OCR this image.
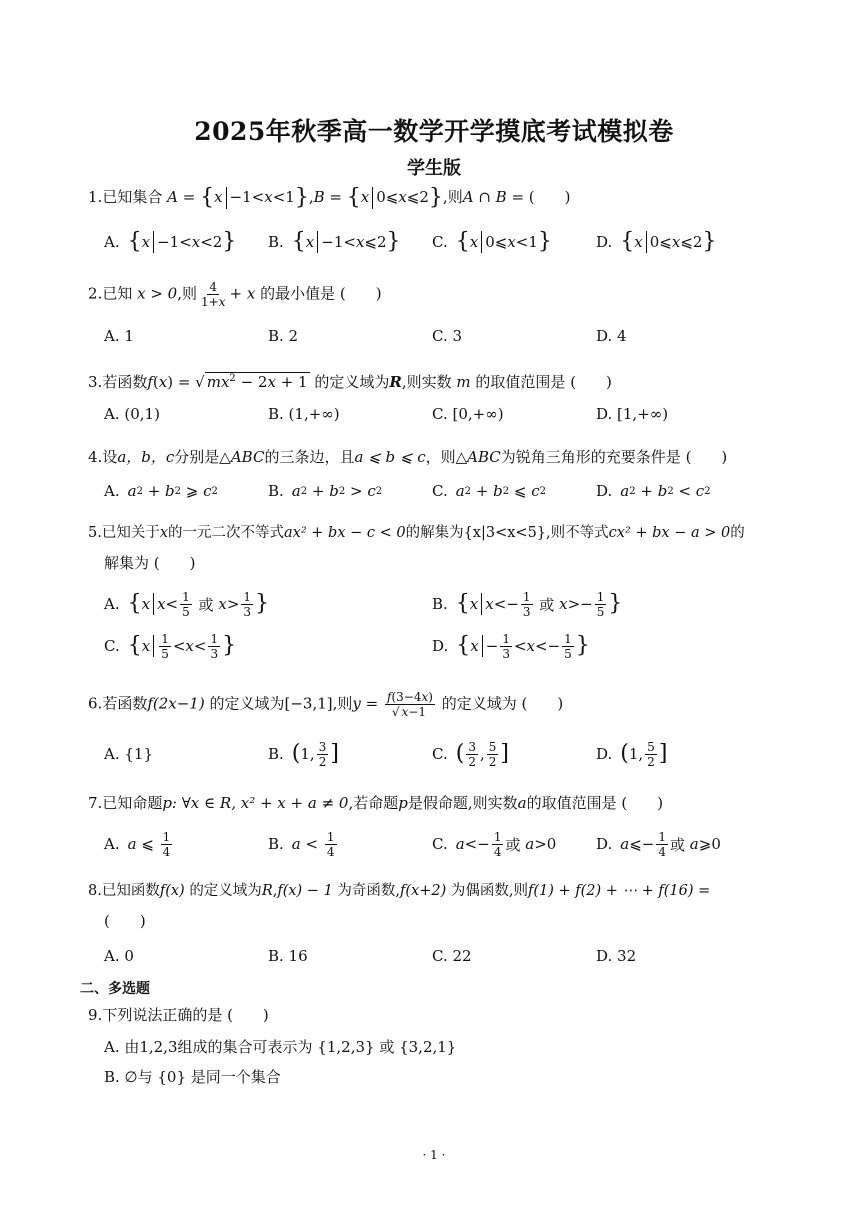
2025年秋季高一数学开学摸底考试模拟卷
学生版
1.已知集合 A = {x −1<x<1},B = {x 0⩽x⩽2},则A ∩ B = (　　)
A. { x −1< x <2 } B. { x −1< x ⩽2 } C. { x 0⩽ x <1 }	D. { x 0⩽ x ⩽2 }
2.已知 x > 0,则 $\frac{4}{1+x} + x$ 的最小值是 (　　)
A. 1	B. 2	C. 3	D. 4
3.若函数f(x) = √ $mx^2 - 2x + 1$ 的定义域为R,则实数 m 的取值范围是 (　　)
A. (0,1)	B. (1,+∞)	C. [0,+∞)	D. [1,+∞)
4.设a，b，c分别是△ABC的三条边，且a ⩽ b ⩽ c，则△ABC为锐角三角形的充要条件是 (　　)
A. a 2 + b 2 ⩾ c 2	B. a 2 + b 2 > c 2	C. a 2 + b 2 ⩽ c 2	D. a 2 + b 2 < c 2
5.已知关于x的一元二次不等式ax² + bx − c < 0的解集为{x|3<x<5},则不等式cx² + bx − a > 0的
解集为 (　　)
A. { x $x < \frac{1}{5}$
或
$x > \frac{1}{3}$ }	B. { x $x <- \frac{1}{3}$
或
$x >- \frac{1}{5}$ }
C. { x $\frac{1}{5} < x < \frac{1}{3}$ }	D. { $x - \frac{1}{3} < x <- \frac{1}{5}$ }
6.若函数f(2x−1) 的定义域为[−3,1],则$y = \frac{f(3-4x)}{√ x-1}$ 的定义域为 (　　)
A. {1}	B. ( 1, $\frac{3}{2}$ ]	C. ( $\frac{3}{2}$ , $\frac{5}{2}$ ]	D. ( 1, $\frac{5}{2}$ ]
7.已知命题p: ∀x ∈ R, x² + x + a ≠ 0,若命题p是假命题,则实数a的取值范围是 (　　)
A. a ⩽ $\frac{1}{4}$	B. $a < \frac{1}{4}$	C. $a <- \frac{1}{4}$ 或
a >0	D. a ⩽− $\frac{1}{4}$ 或
a ⩾0
8.已知函数f(x) 的定义域为R,f(x) − 1 为奇函数,f(x+2) 为偶函数,则f(1) + f(2) + ⋯ + f(16) =
(　　)
A. 0	B. 16	C. 22	D. 32
二、多选题
9.下列说法正确的是 (　　)
A. 由1,2,3组成的集合可表示为 {1,2,3} 或 {3,2,1}
B. ∅与 {0} 是同一个集合
· 1 ·
